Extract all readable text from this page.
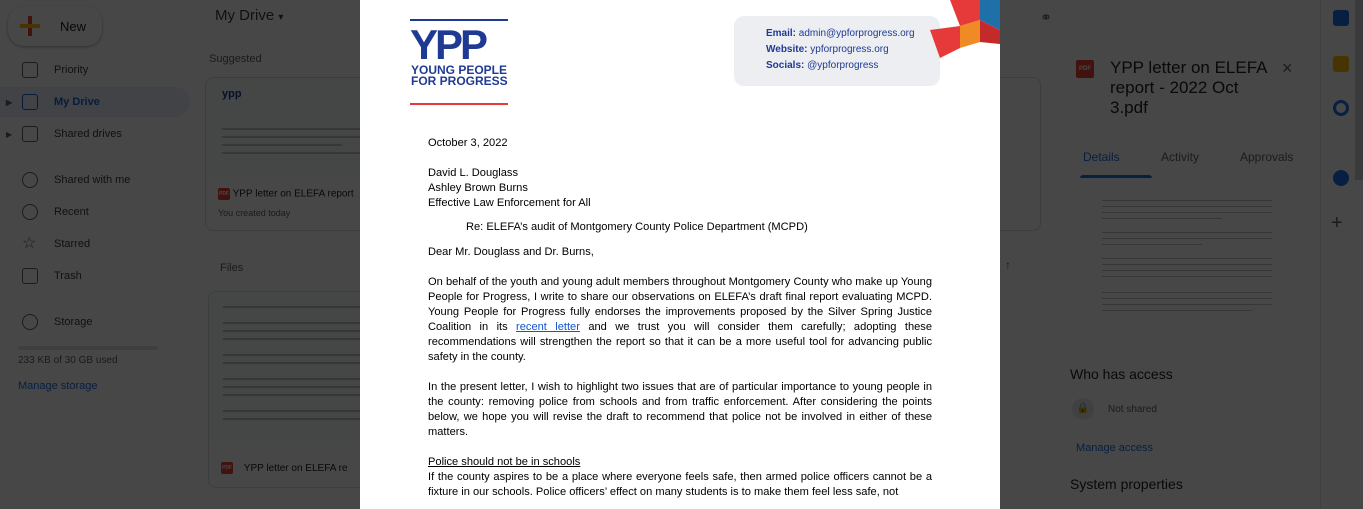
YPP
YOUNG PEOPLE FOR PROGRESS
Email: admin@ypforprogress.org
Website: ypforprogress.org
Socials: @ypforprogress
October 3, 2022
David L. Douglass
Ashley Brown Burns
Effective Law Enforcement for All
Re: ELEFA’s audit of Montgomery County Police Department (MCPD)
Dear Mr. Douglass and Dr. Burns,

On behalf of the youth and young adult members throughout Montgomery County who make up Young People for Progress, I write to share our observations on ELEFA’s draft final report evaluating MCPD. Young People for Progress fully endorses the improvements proposed by the Silver Spring Justice Coalition in its recent letter and we trust you will consider them carefully; adopting these recommendations will strengthen the report so that it can be a more useful tool for advancing public safety in the county.

In the present letter, I wish to highlight two issues that are of particular importance to young people in the county: removing police from schools and from traffic enforcement. After considering the points below, we hope you will revise the draft to recommend that police not be involved in either of these matters.

Police should not be in schools

If the county aspires to be a place where everyone feels safe, then armed police officers cannot be a fixture in our schools. Police officers’ effect on many students is to make them feel less safe, not
